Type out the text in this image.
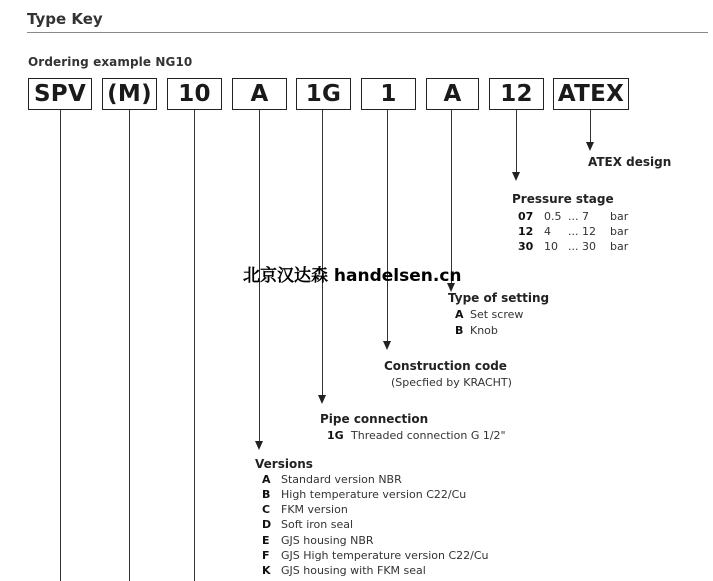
Type Key
Ordering example NG10
SPV (M)	10	A	1G	1	A	12	ATEX
ATEX design
Pressure stage
07 0.5 ... 7 bar
12 4 ... 12 bar
30 10 ... 30 bar
北京汉达森 handelsen.cn
Type of setting
A Set screw
B Knob
Construction code
(Specfied by KRACHT)
Pipe connection
1G Threaded connection G 1/2"
Versions
A Standard version NBR
B High temperature version C22/Cu
C FKM version
D Soft iron seal
E GJS housing NBR
F GJS High temperature version C22/Cu
K GJS housing with FKM seal
